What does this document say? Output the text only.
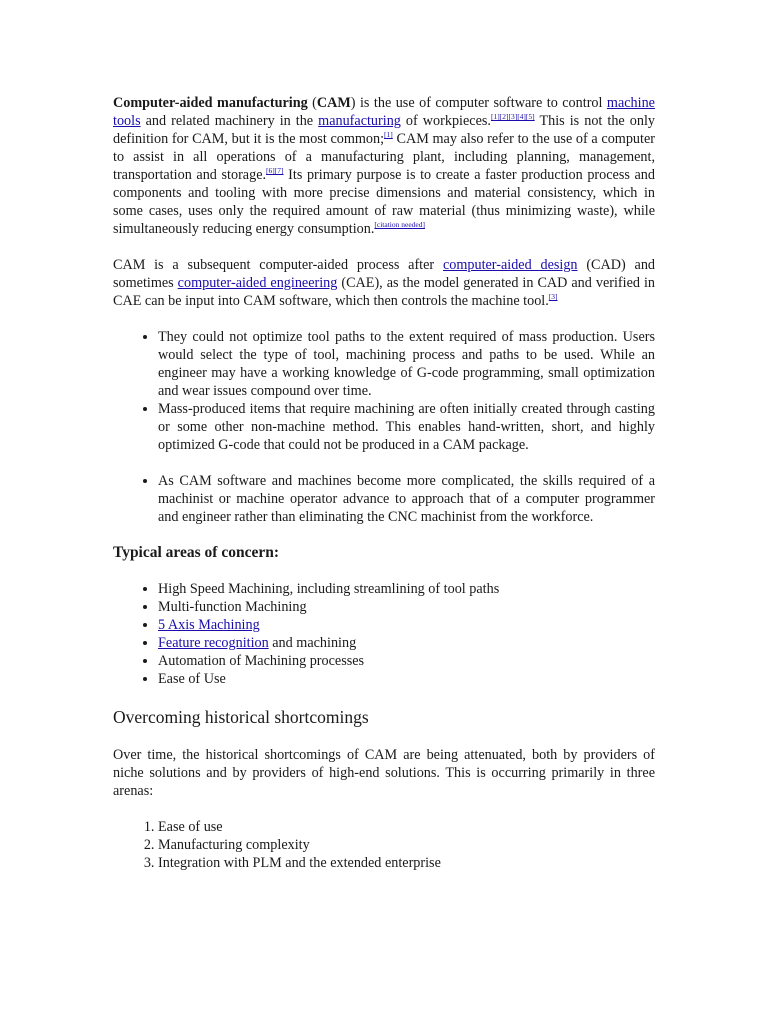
Computer-aided manufacturing (CAM) is the use of computer software to control machine tools and related machinery in the manufacturing of workpieces.[1][2][3][4][5] This is not the only definition for CAM, but it is the most common;[1] CAM may also refer to the use of a computer to assist in all operations of a manufacturing plant, including planning, management, transportation and storage.[6][7] Its primary purpose is to create a faster production process and components and tooling with more precise dimensions and material consistency, which in some cases, uses only the required amount of raw material (thus minimizing waste), while simultaneously reducing energy consumption.[citation needed]

CAM is a subsequent computer-aided process after computer-aided design (CAD) and sometimes computer-aided engineering (CAE), as the model generated in CAD and verified in CAE can be input into CAM software, which then controls the machine tool.[3]

• They could not optimize tool paths to the extent required of mass production. Users would select the type of tool, machining process and paths to be used. While an engineer may have a working knowledge of G-code programming, small optimization and wear issues compound over time.
• Mass-produced items that require machining are often initially created through casting or some other non-machine method. This enables hand-written, short, and highly optimized G-code that could not be produced in a CAM package.
• As CAM software and machines become more complicated, the skills required of a machinist or machine operator advance to approach that of a computer programmer and engineer rather than eliminating the CNC machinist from the workforce.
Typical areas of concern:
• High Speed Machining, including streamlining of tool paths
• Multi-function Machining
• 5 Axis Machining
• Feature recognition and machining
• Automation of Machining processes
• Ease of Use
Overcoming historical shortcomings

Over time, the historical shortcomings of CAM are being attenuated, both by providers of niche solutions and by providers of high-end solutions. This is occurring primarily in three arenas:

1. Ease of use
2. Manufacturing complexity
3. Integration with PLM and the extended enterprise
